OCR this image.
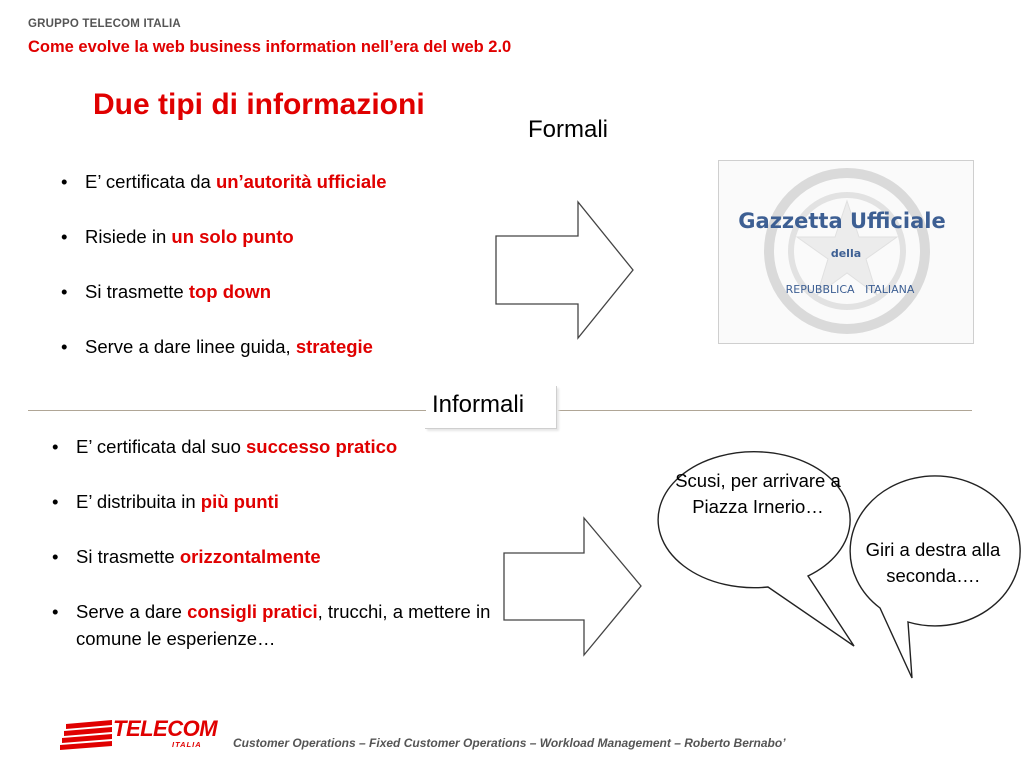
GRUPPO TELECOM ITALIA
Come evolve la web business information nell’era del web 2.0
Due tipi di informazioni
Formali
• E’ certificata da un’autorità ufficiale
• Risiede in un solo punto
• Si trasmette top down
• Serve a dare linee guida, strategie
Gazzetta Ufficiale
della
REPUBBLICA   ITALIANA
Informali
• E’ certificata dal suo successo pratico
• E’ distribuita in più punti
• Si trasmette orizzontalmente
• Serve a dare consigli pratici, trucchi, a mettere in comune le esperienze…
Scusi, per arrivare a Piazza Irnerio…
Giri a destra alla seconda….
TELECOM
ITALIA	Customer Operations – Fixed Customer Operations – Workload Management – Roberto Bernabo’
